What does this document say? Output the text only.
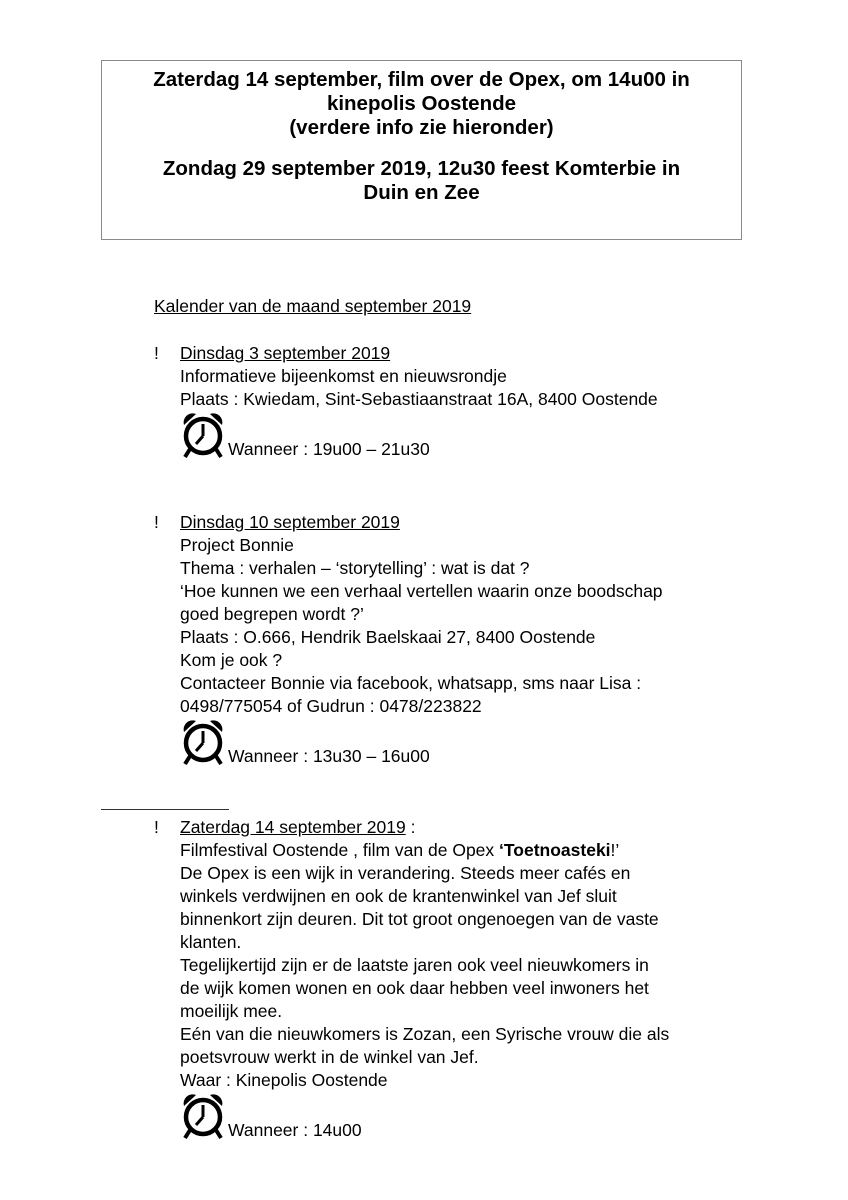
Zaterdag 14 september, film over de Opex, om 14u00 in
kinepolis Oostende
(verdere info zie hieronder)
Zondag 29 september 2019, 12u30 feest Komterbie in
Duin en Zee
Kalender van de maand september 2019
!	Dinsdag 3 september 2019
Informatieve bijeenkomst en nieuwsrondje
Plaats : Kwiedam, Sint-Sebastiaanstraat 16A, 8400 Oostende
Wanneer : 19u00 – 21u30
!	Dinsdag 10 september 2019
Project Bonnie
Thema : verhalen – ‘storytelling’ : wat is dat ?
‘Hoe kunnen we een verhaal vertellen waarin onze boodschap
goed begrepen wordt ?’
Plaats : O.666, Hendrik Baelskaai 27, 8400 Oostende
Kom je ook ?
Contacteer Bonnie via facebook, whatsapp, sms naar Lisa :
0498/775054 of Gudrun : 0478/223822
Wanneer : 13u30 – 16u00
!	Zaterdag 14 september 2019 :
Filmfestival Oostende , film van de Opex ‘Toetnoasteki!’
De Opex is een wijk in verandering. Steeds meer cafés en
winkels verdwijnen en ook de krantenwinkel van Jef sluit
binnenkort zijn deuren. Dit tot groot ongenoegen van de vaste
klanten.
Tegelijkertijd zijn er de laatste jaren ook veel nieuwkomers in
de wijk komen wonen en ook daar hebben veel inwoners het
moeilijk mee.
Eén van die nieuwkomers is Zozan, een Syrische vrouw die als
poetsvrouw werkt in de winkel van Jef.
Waar : Kinepolis Oostende
Wanneer : 14u00
